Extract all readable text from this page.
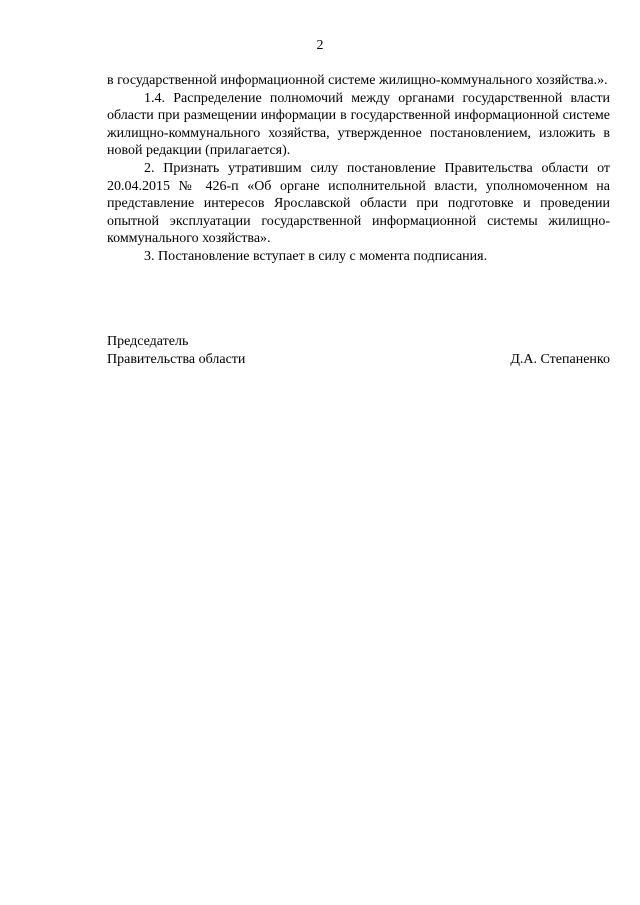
2

в государственной информационной системе жилищно-коммунального хозяйства.».

1.4. Распределение полномочий между органами государственной власти области при размещении информации в государственной информационной системе жилищно-коммунального хозяйства, утвержденное постановлением, изложить в новой редакции (прилагается).

2. Признать утратившим силу постановление Правительства области от 20.04.2015 № 426-п «Об органе исполнительной власти, уполномоченном на представление интересов Ярославской области при подготовке и проведении опытной эксплуатации государственной информационной системы жилищно-коммунального хозяйства».

3. Постановление вступает в силу с момента подписания.

Председатель
Правительства области	Д.А. Степаненко
